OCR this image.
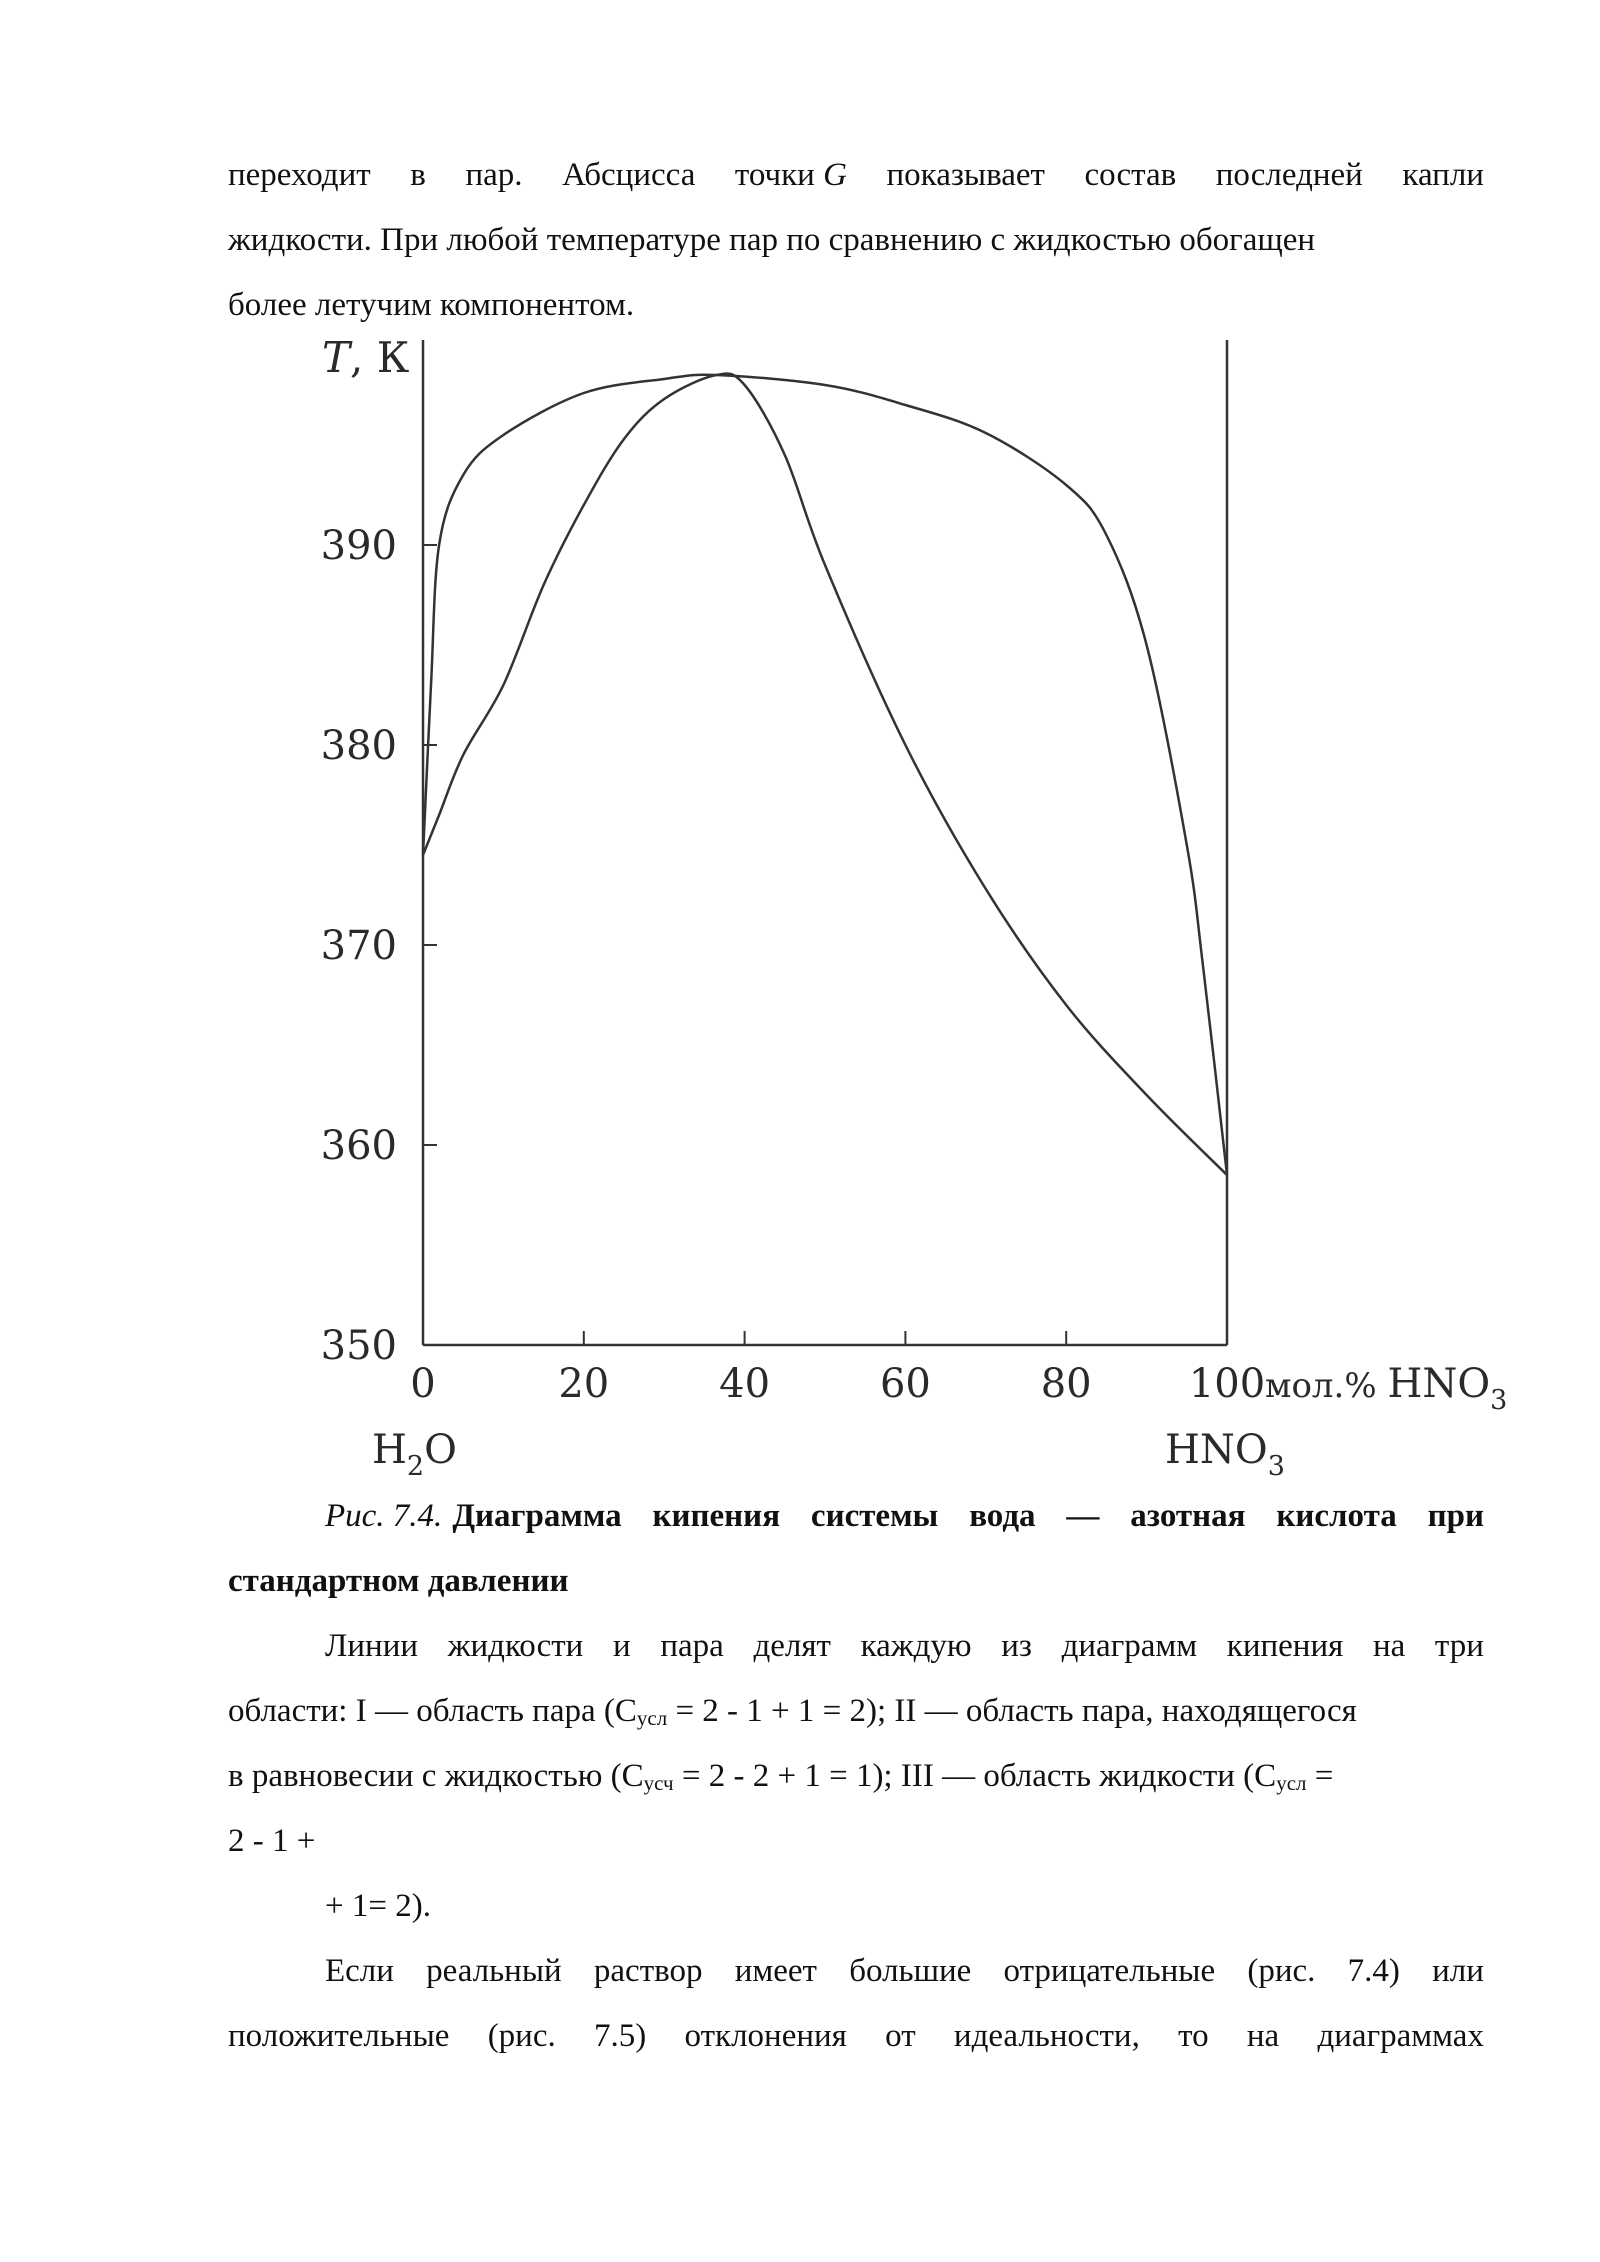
переходит в пар. Абсцисса точки G показывает состав последней капли
жидкости. При любой температуре пар по сравнению с жидкостью обогащен
более летучим компонентом.
390
380
370
360
350
0	20	40	60	80 100
T, К
мол.% $HNO_3$
$H_2O$	$HNO_3$
Рис. 7.4. Диаграмма кипения системы вода — азотная кислота при
стандартном давлении
Линии жидкости и пара делят каждую из диаграмм кипения на три
области: I — область пара $(С_{усл} = 2 - 1 + 1 = 2)$; II — область пара, находящегося
в равновесии с жидкостью $(С_{усч} = 2 - 2 + 1 = 1)$; III — область жидкости ($С_{усл}$ =
2 - 1 +
+ 1= 2).
Если реальный раствор имеет большие отрицательные (рис. 7.4) или
положительные (рис. 7.5) отклонения от идеальности, то на диаграммах
